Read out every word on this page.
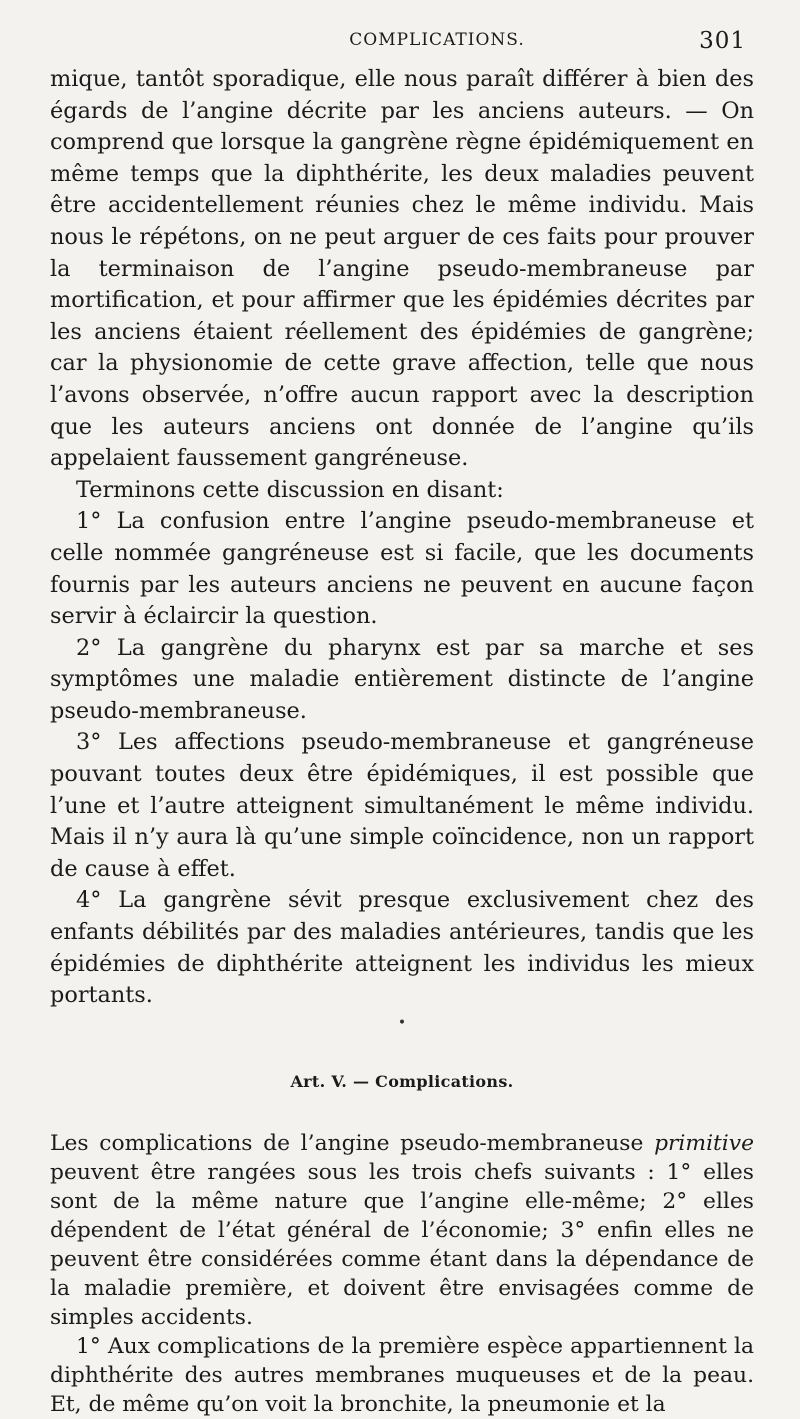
COMPLICATIONS.	301

mique, tantôt sporadique, elle nous paraît différer à bien des égards de l’angine décrite par les anciens auteurs. — On comprend que lorsque la gangrène règne épidémiquement en même temps que la diphthérite, les deux maladies peuvent être accidentellement réunies chez le même individu. Mais nous le répétons, on ne peut arguer de ces faits pour prouver la terminaison de l’angine pseudo-membraneuse par mortification, et pour affirmer que les épidémies décrites par les anciens étaient réellement des épidémies de gangrène; car la physionomie de cette grave affection, telle que nous l’avons observée, n’offre aucun rapport avec la description que les auteurs anciens ont donnée de l’angine qu’ils appelaient faussement gangréneuse.

Terminons cette discussion en disant:

1° La confusion entre l’angine pseudo-membraneuse et celle nommée gangréneuse est si facile, que les documents fournis par les auteurs anciens ne peuvent en aucune façon servir à éclaircir la question.

2° La gangrène du pharynx est par sa marche et ses symptômes une maladie entièrement distincte de l’angine pseudo-membraneuse.

3° Les affections pseudo-membraneuse et gangréneuse pouvant toutes deux être épidémiques, il est possible que l’une et l’autre atteignent simultanément le même individu. Mais il n’y aura là qu’une simple coïncidence, non un rapport de cause à effet.

4° La gangrène sévit presque exclusivement chez des enfants débilités par des maladies antérieures, tandis que les épidémies de diphthérite atteignent les individus les mieux portants.

•
Art. V. — Complications.

Les complications de l’angine pseudo-membraneuse primitive peuvent être rangées sous les trois chefs suivants : 1° elles sont de la même nature que l’angine elle-même; 2° elles dépendent de l’état général de l’économie; 3° enfin elles ne peuvent être considérées comme étant dans la dépendance de la maladie première, et doivent être envisagées comme de simples accidents.

1° Aux complications de la première espèce appartiennent la diphthérite des autres membranes muqueuses et de la peau. Et, de même qu’on voit la bronchite, la pneumonie et la
